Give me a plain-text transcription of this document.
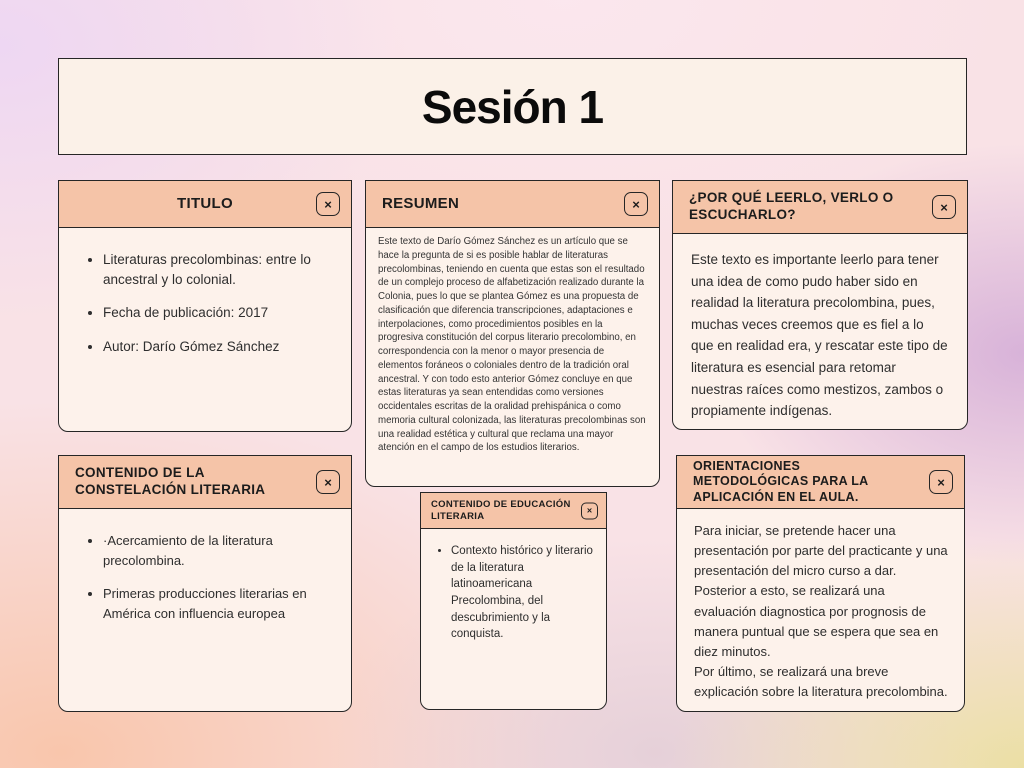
Sesión 1
TITULO	×
• Literaturas precolombinas: entre lo ancestral y lo colonial.
• Fecha de publicación: 2017
• Autor: Darío Gómez Sánchez
RESUMEN	×
Este texto de Darío Gómez Sánchez es un artículo que se hace la pregunta de si es posible hablar de literaturas precolombinas, teniendo en cuenta que estas son el resultado de un complejo proceso de alfabetización realizado durante la Colonia, pues lo que se plantea Gómez es una propuesta de clasificación que diferencia transcripciones, adaptaciones e interpolaciones, como procedimientos posibles en la progresiva constitución del corpus literario precolombino, en correspondencia con la menor o mayor presencia de elementos foráneos o coloniales dentro de la tradición oral ancestral. Y con todo esto anterior Gómez concluye en que estas literaturas ya sean entendidas como versiones occidentales escritas de la oralidad prehispánica o como memoria cultural colonizada, las literaturas precolombinas son una realidad estética y cultural que reclama una mayor atención en el campo de los estudios literarios.
¿POR QUÉ LEERLO, VERLO O ESCUCHARLO?	×
Este texto es importante leerlo para tener una idea de como pudo haber sido en realidad la literatura precolombina, pues, muchas veces creemos que es fiel a lo que en realidad era, y rescatar este tipo de literatura es esencial para retomar nuestras raíces como mestizos, zambos o propiamente indígenas.
CONTENIDO DE LA CONSTELACIÓN LITERARIA	×
• ·Acercamiento de la literatura precolombina.
• Primeras producciones literarias en América con influencia europea
CONTENIDO DE EDUCACIÓN LITERARIA
×
• Contexto histórico y literario de la literatura latinoamericana Precolombina, del descubrimiento y la conquista.
ORIENTACIONES METODOLÓGICAS PARA LA APLICACIÓN EN EL AULA.
×

Para iniciar, se pretende hacer una presentación por parte del practicante y una presentación del micro curso a dar.

Posterior a esto, se realizará una evaluación diagnostica por prognosis de manera puntual que se espera que sea en diez minutos.

Por último, se realizará una breve explicación sobre la literatura precolombina.
